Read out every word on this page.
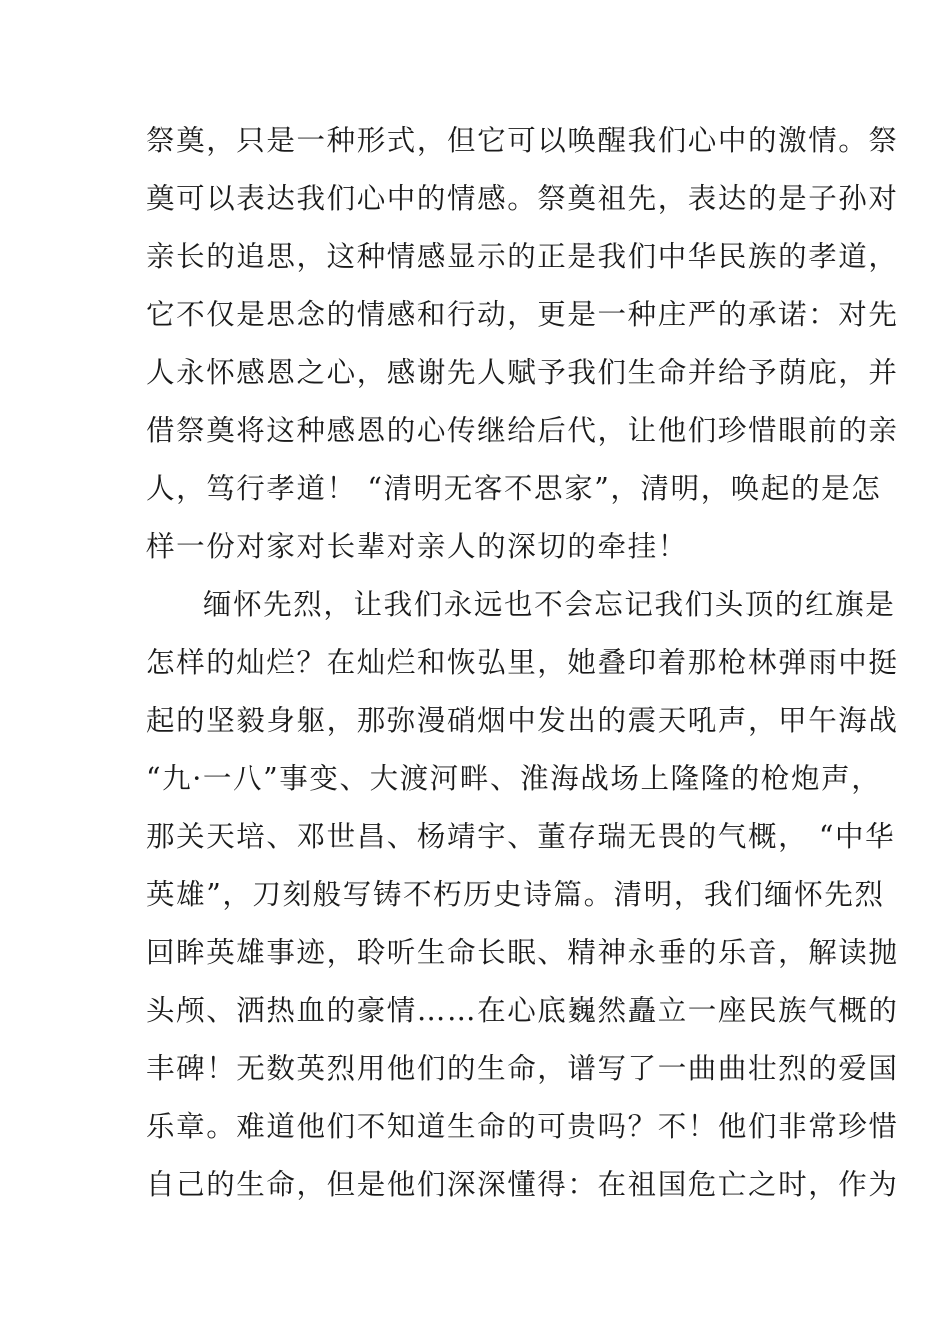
祭奠，只是一种形式，但它可以唤醒我们心中的激情。祭
奠可以表达我们心中的情感。祭奠祖先，表达的是子孙对
亲长的追思，这种情感显示的正是我们中华民族的孝道，
它不仅是思念的情感和行动，更是一种庄严的承诺：对先
人永怀感恩之心，感谢先人赋予我们生命并给予荫庇，并
借祭奠将这种感恩的心传继给后代，让他们珍惜眼前的亲
人，笃行孝道！ “清明无客不思家”，清明，唤起的是怎
样一份对家对长辈对亲人的深切的牵挂！
缅怀先烈，让我们永远也不会忘记我们头顶的红旗是
怎样的灿烂？在灿烂和恢弘里，她叠印着那枪林弹雨中挺
起的坚毅身躯，那弥漫硝烟中发出的震天吼声，甲午海战
“九·一八”事变、大渡河畔、淮海战场上隆隆的枪炮声，
那关天培、邓世昌、杨靖宇、董存瑞无畏的气概， “中华
英雄”，刀刻般写铸不朽历史诗篇。清明，我们缅怀先烈
回眸英雄事迹，聆听生命长眠、精神永垂的乐音，解读抛
头颅、洒热血的豪情……在心底巍然矗立一座民族气概的
丰碑！无数英烈用他们的生命，谱写了一曲曲壮烈的爱国
乐章。难道他们不知道生命的可贵吗？不！他们非常珍惜
自己的生命，但是他们深深懂得：在祖国危亡之时，作为
